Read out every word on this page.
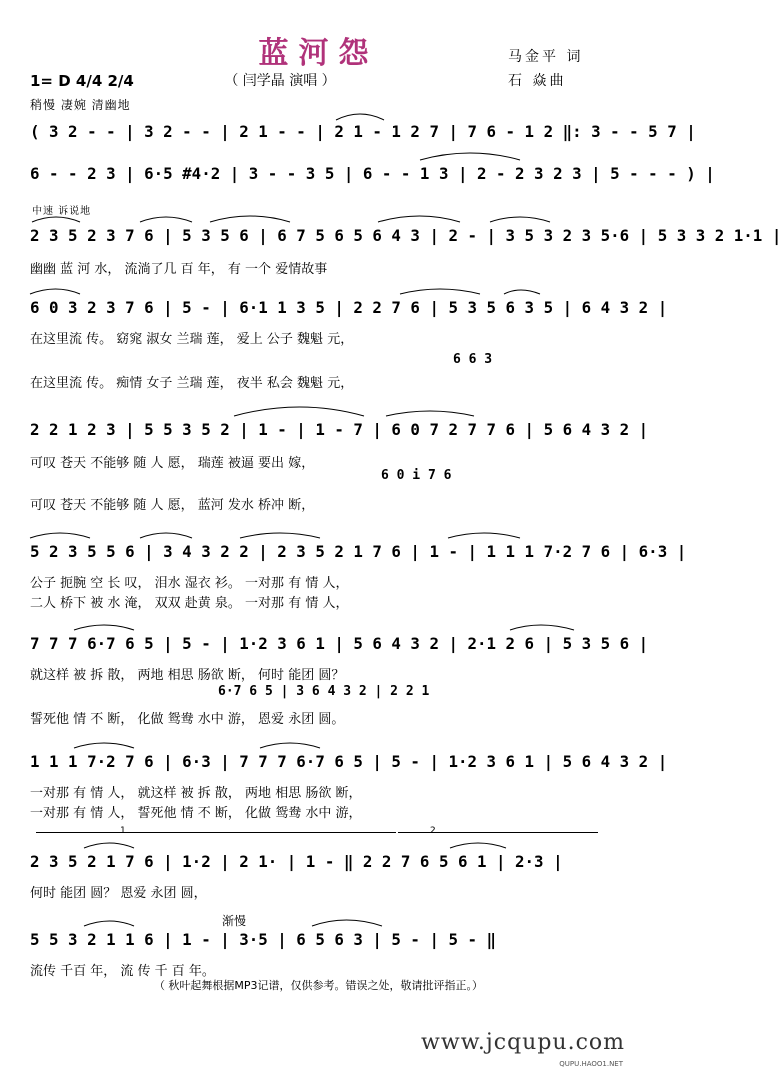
蓝河怨
（ 闫学晶 演唱 ）
马金平 词
石 焱曲
1= D 4/4 2/4
稍慢 凄婉 清幽地
中速 诉说地
( 3 2 - - | 3 2 - - | 2 1 - - | 2 1 - 1 2 7 | 7 6 - 1 2 ‖: 3 - - 5 7 |
6 - - 2 3 | 6·5 #4·2 | 3 - - 3 5 | 6 - - 1 3 | 2 - 2 3 2 3 | 5 - - - ) |
2 3 5 2 3 7 6 | 5 3 5 6 | 6 7 5 6 5 6 4 3 | 2 - | 3 5 3 2 3 5·6 | 5 3 3 2 1·1 |
幽幽 蓝 河 水， 流淌了几 百 年， 有 一个 爱情故事
6 0 3 2 3 7 6 | 5 - | 6·1 1 3 5 | 2 2 7 6 | 5 3 5 6 3 5 | 6 4 3 2 |
在这里流 传。 窈窕 淑女 兰瑞 莲， 爱上 公子 魏魁 元，
在这里流 传。 痴情 女子 兰瑞 莲， 夜半 私会 魏魁 元，
2 2 1 2 3 | 5 5 3 5 2 | 1 - | 1 - 7 | 6 0 7 2 7 7 6 | 5 6 4 3 2 |
可叹 苍天 不能够 随 人 愿， 瑞莲 被逼 要出 嫁，
可叹 苍天 不能够 随 人 愿， 蓝河 发水 桥冲 断，
5 2 3 5 5 6 | 3 4 3 2 2 | 2 3 5 2 1 7 6 | 1 - | 1 1 1 7·2 7 6 | 6·3 |
公子 扼腕 空 长 叹， 泪水 湿衣 衫。 一对那 有 情 人，
二人 桥下 被 水 淹， 双双 赴黄 泉。 一对那 有 情 人，
7 7 7 6·7 6 5 | 5 - | 1·2 3 6 1 | 5 6 4 3 2 | 2·1 2 6 | 5 3 5 6 |
就这样 被 拆 散， 两地 相思 肠欲 断， 何时 能团 圆？
誓死他 情 不 断， 化做 鸳鸯 水中 游， 恩爱 永团 圆。
1 1 1 7·2 7 6 | 6·3 | 7 7 7 6·7 6 5 | 5 - | 1·2 3 6 1 | 5 6 4 3 2 |
一对那 有 情 人， 就这样 被 拆 散， 两地 相思 肠欲 断，
一对那 有 情 人， 誓死他 情 不 断， 化做 鸳鸯 水中 游，
2 3 5 2 1 7 6 | 1·2 | 2 1· | 1 - ‖ 2 2 7 6 5 6 1 | 2·3 |
何时 能团 圆？ 恩爱 永团 圆，
5 5 3 2 1 1 6 | 1 - | 3·5 | 6 5 6 3 | 5 - | 5 - ‖
流传 千百 年， 流 传 千 百 年。
6 6 3
6 0 i 7 6
6·7 6 5 | 3 6 4 3 2 | 2 2 1
1	2
渐慢
（ 秋叶起舞根据MP3记谱，仅供参考。错误之处，敬请批评指正。）
www.jcqupu.com
QUPU.HAOO1.NET
